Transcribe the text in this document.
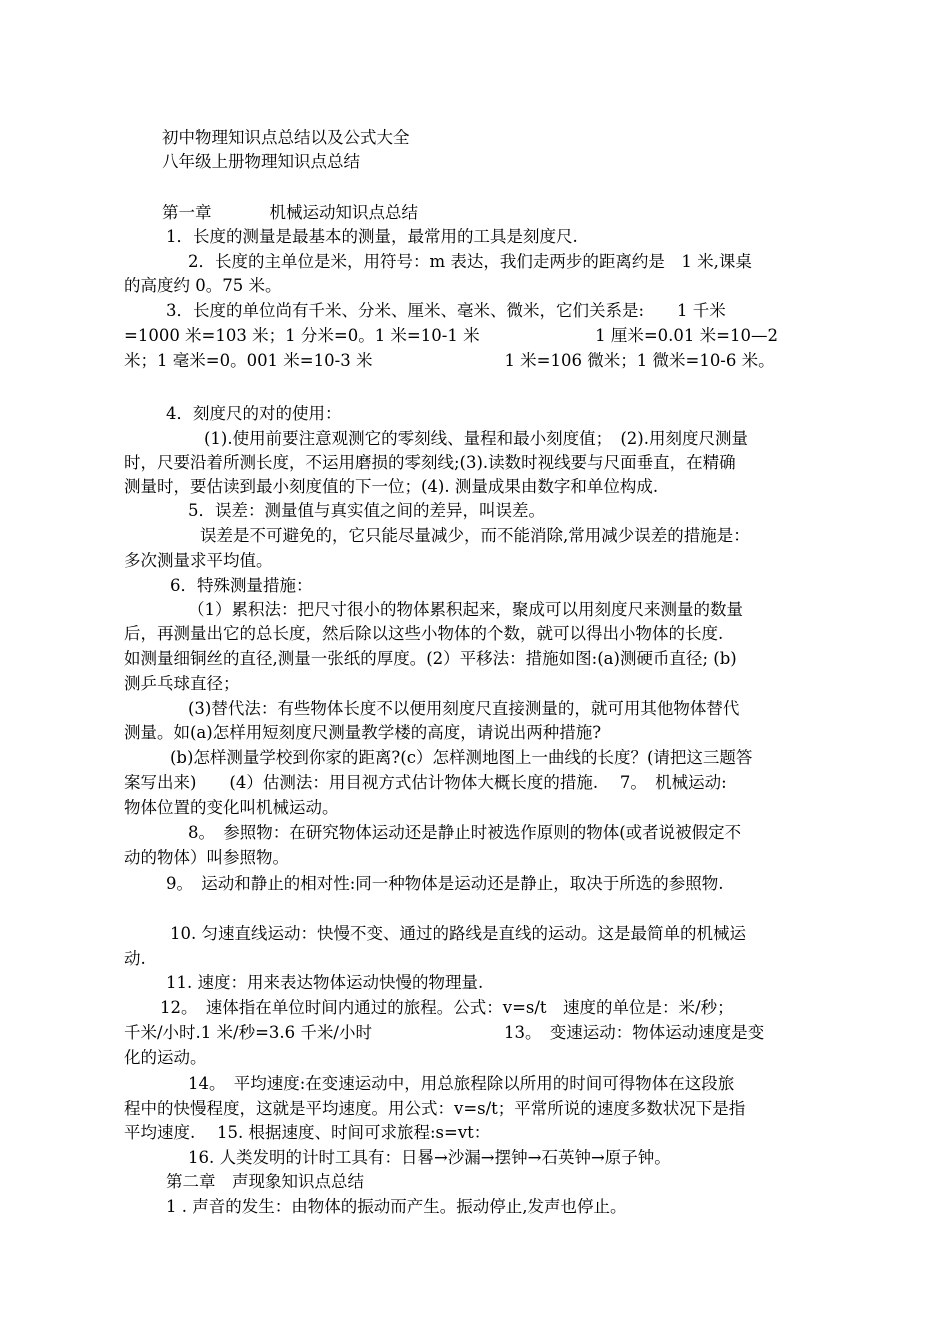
初中物理知识点总结以及公式大全
八年级上册物理知识点总结
第一章	机械运动知识点总结
1．长度的测量是最基本的测量，最常用的工具是刻度尺.
2．长度的主单位是米，用符号：m 表达，我们走两步的距离约是　1 米,课桌
的高度约 0。75 米。
3．长度的单位尚有千米、分米、厘米、毫米、微米，它们关系是:　　1 千米
=1000 米=103 米；1 分米=0。1 米=10-1 米　　　　　　　1 厘米=0.01 米=10—2
米；1 毫米=0。001 米=10-3 米　　　　　　　　1 米=106 微米；1 微米=10-6 米。
4．刻度尺的对的使用：
(1).使用前要注意观测它的零刻线、量程和最小刻度值；　(2).用刻度尺测量
时，尺要沿着所测长度，不运用磨损的零刻线;(3).读数时视线要与尺面垂直，在精确
测量时，要估读到最小刻度值的下一位；(4). 测量成果由数字和单位构成.
5．误差：测量值与真实值之间的差异，叫误差。
误差是不可避免的，它只能尽量减少，而不能消除,常用减少误差的措施是：
多次测量求平均值。
6．特殊测量措施：
（1）累积法：把尺寸很小的物体累积起来，聚成可以用刻度尺来测量的数量
后，再测量出它的总长度，然后除以这些小物体的个数，就可以得出小物体的长度.
如测量细铜丝的直径,测量一张纸的厚度。(2）平移法：措施如图:(a)测硬币直径; (b)
测乒乓球直径；
(3)替代法：有些物体长度不以便用刻度尺直接测量的，就可用其他物体替代
测量。如(a)怎样用短刻度尺测量教学楼的高度，请说出两种措施?
(b)怎样测量学校到你家的距离?(c）怎样测地图上一曲线的长度？(请把这三题答
案写出来)　　(4）估测法：用目视方式估计物体大概长度的措施.　 7。　机械运动:
物体位置的变化叫机械运动。
8。　参照物：在研究物体运动还是静止时被选作原则的物体(或者说被假定不
动的物体）叫参照物。
9。　运动和静止的相对性:同一种物体是运动还是静止，取决于所选的参照物.
10. 匀速直线运动：快慢不变、通过的路线是直线的运动。这是最简单的机械运
动.
11. 速度：用来表达物体运动快慢的物理量.
12。　速体指在单位时间内通过的旅程。公式：v=s/t　速度的单位是：米/秒；
千米/小时.1 米/秒=3.6 千米/小时　　　　　　　　13。　变速运动：物体运动速度是变
化的运动。
14。　平均速度:在变速运动中，用总旅程除以所用的时间可得物体在这段旅
程中的快慢程度，这就是平均速度。用公式：v=s/t；平常所说的速度多数状况下是指
平均速度.　 15. 根据速度、时间可求旅程:s=vt：
16. 人类发明的计时工具有：日晷→沙漏→摆钟→石英钟→原子钟。
第二章　声现象知识点总结
1 . 声音的发生：由物体的振动而产生。振动停止,发声也停止。
